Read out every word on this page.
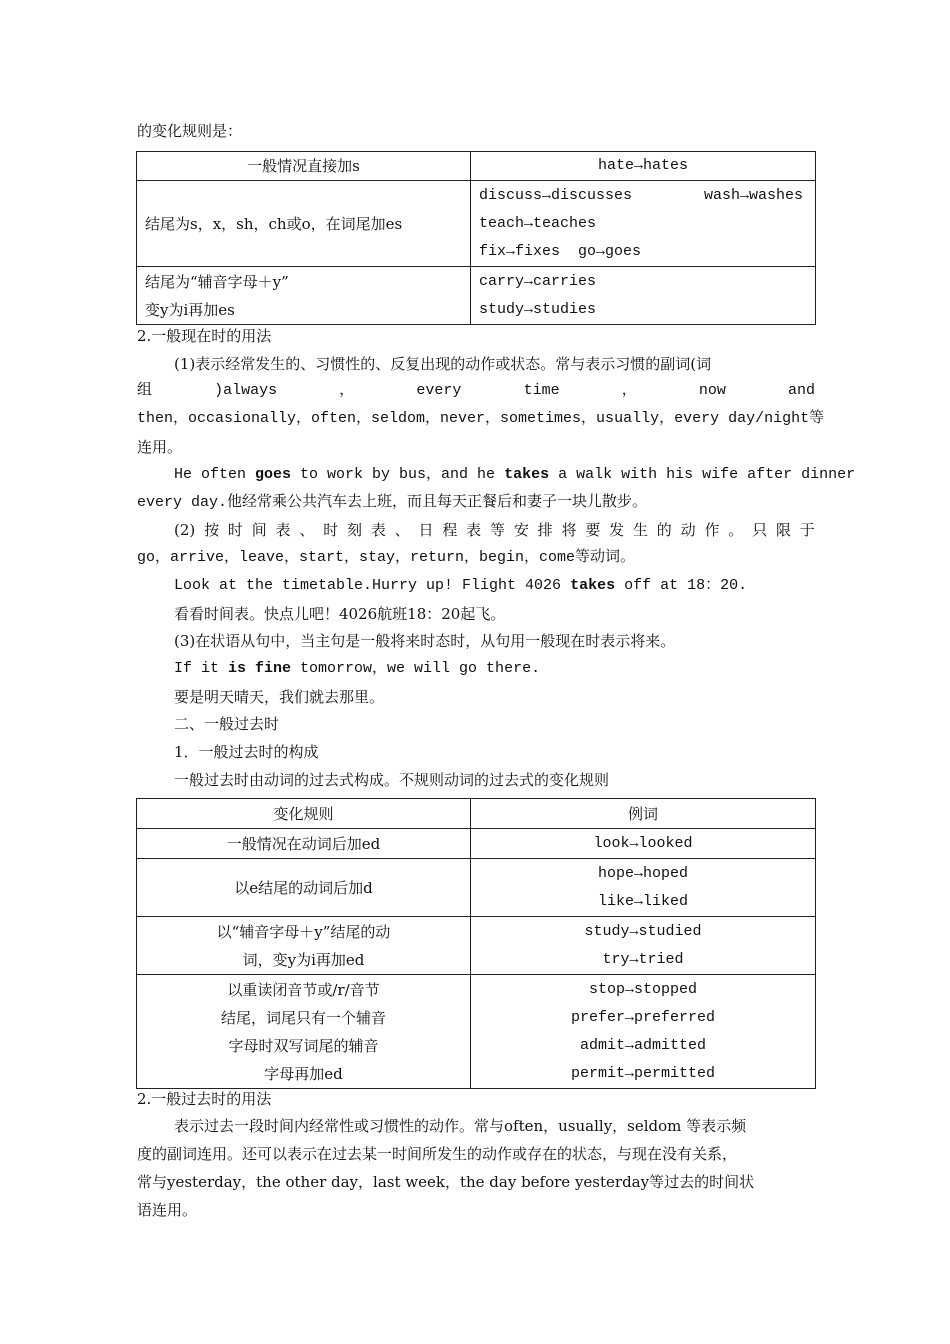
的变化规则是：
一般情况直接加s	hate→hates

结尾为s，x，sh，ch或o，在词尾加es	discuss→discusses        wash→washes
teach→teaches
fix→fixes  go→goes

结尾为“辅音字母＋y”
变y为i再加es	carry→carries
study→studies
2.一般现在时的用法
(1)表示经常发生的、习惯性的、反复出现的动作或状态。常与表示习惯的副词(词
组	)always	，	every	time	，	now	and
then，occasionally，often，seldom，never，sometimes，usually，every day/night等
连用。
He often goes to work by bus，and he takes a walk with his wife after dinner
every day.他经常乘公共汽车去上班，而且每天正餐后和妻子一块儿散步。
(2) 按 时 间 表 、 时 刻 表 、 日 程 表 等 安 排 将 要 发 生 的 动 作 。 只 限 于
go，arrive，leave，start，stay，return，begin，come等动词。
Look at the timetable.Hurry up! Flight 4026 takes off at 18：20.
看看时间表。快点儿吧！4026航班18：20起飞。
(3)在状语从句中，当主句是一般将来时态时，从句用一般现在时表示将来。
If it is fine tomorrow，we will go there.
要是明天晴天，我们就去那里。
二、一般过去时
1．一般过去时的构成
一般过去时由动词的过去式构成。不规则动词的过去式的变化规则
变化规则	例词

一般情况在动词后加ed	look→looked

以e结尾的动词后加d	hope→hoped
like→liked

以“辅音字母＋y”结尾的动
词，变y为i再加ed	study→studied
try→tried

以重读闭音节或/r/音节
结尾，词尾只有一个辅音
字母时双写词尾的辅音
字母再加ed	stop→stopped
prefer→preferred
admit→admitted
permit→permitted
2.一般过去时的用法
表示过去一段时间内经常性或习惯性的动作。常与often，usually，seldom 等表示频
度的副词连用。还可以表示在过去某一时间所发生的动作或存在的状态，与现在没有关系，
常与yesterday，the other day，last week，the day before yesterday等过去的时间状
语连用。
